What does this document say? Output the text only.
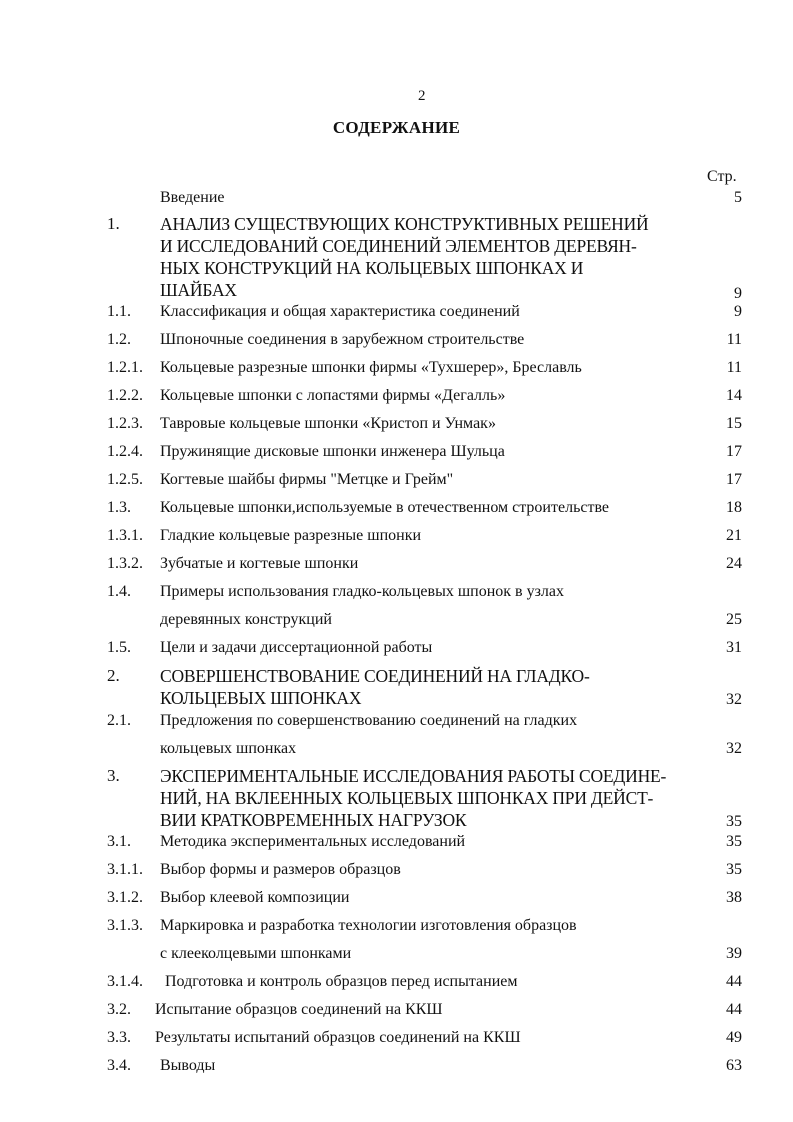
2
СОДЕРЖАНИЕ
Стр.
Введение	5
1. АНАЛИЗ СУЩЕСТВУЮЩИХ КОНСТРУКТИВНЫХ РЕШЕНИЙ
И ИССЛЕДОВАНИЙ СОЕДИНЕНИЙ ЭЛЕМЕНТОВ ДЕРЕВЯН-
НЫХ КОНСТРУКЦИЙ НА КОЛЬЦЕВЫХ ШПОНКАХ И
ШАЙБАХ	9
1.1. Классификация и общая характеристика соединений	9
1.2. Шпоночные соединения в зарубежном строительстве	11
1.2.1. Кольцевые разрезные шпонки фирмы «Тухшерер», Бреславль	11
1.2.2. Кольцевые шпонки с лопастями фирмы «Дегалль»	14
1.2.3. Тавровые кольцевые шпонки «Кристоп и Унмак»	15
1.2.4. Пружинящие дисковые шпонки инженера Шульца	17
1.2.5. Когтевые шайбы фирмы "Метцке и Грейм"	17
1.3. Кольцевые шпонки,используемые в отечественном строительстве	18
1.3.1. Гладкие кольцевые разрезные шпонки	21
1.3.2. Зубчатые и когтевые шпонки	24
1.4. Примеры использования гладко-кольцевых шпонок в узлах
деревянных конструкций	25
1.5. Цели и задачи диссертационной работы	31
2. СОВЕРШЕНСТВОВАНИЕ СОЕДИНЕНИЙ НА ГЛАДКО-
КОЛЬЦЕВЫХ ШПОНКАХ	32
2.1. Предложения по совершенствованию соединений на гладких
кольцевых шпонках	32
3. ЭКСПЕРИМЕНТАЛЬНЫЕ ИССЛЕДОВАНИЯ РАБОТЫ СОЕДИНЕ-
НИЙ, НА ВКЛЕЕННЫХ КОЛЬЦЕВЫХ ШПОНКАХ ПРИ ДЕЙСТ-
ВИИ КРАТКОВРЕМЕННЫХ НАГРУЗОК	35
3.1. Методика экспериментальных исследований	35
3.1.1. Выбор формы и размеров образцов	35
3.1.2. Выбор клеевой композиции	38
3.1.3. Маркировка и разработка технологии изготовления образцов
с клееколцевыми шпонками	39
3.1.4. Подготовка и контроль образцов перед испытанием	44
3.2. Испытание образцов соединений на ККШ	44
3.3. Результаты испытаний образцов соединений на ККШ	49
3.4. Выводы	63
